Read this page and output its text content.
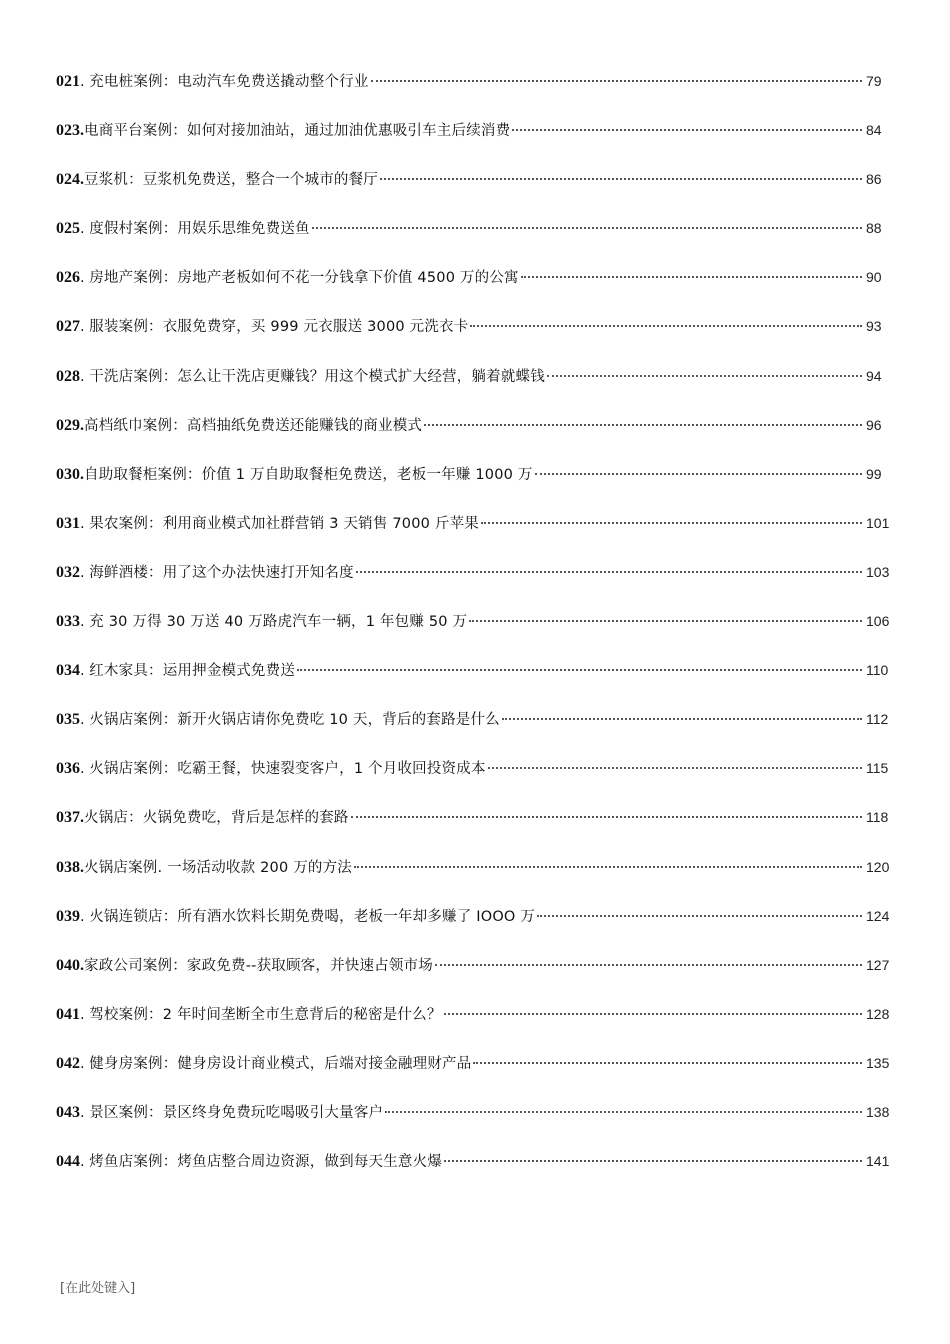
021. 充电桩案例：电动汽车免费送撬动整个行业	79
023.电商平台案例：如何对接加油站，通过加油优惠吸引车主后续消费	84
024.豆浆机：豆浆机免费送，整合一个城市的餐厅	86
025. 度假村案例：用娱乐思维免费送鱼	88
026. 房地产案例：房地产老板如何不花一分钱拿下价值 4500 万的公寓	90
027. 服装案例：衣服免费穿，买 999 元衣服送 3000 元洗衣卡	93
028. 干洗店案例：怎么让干洗店更赚钱？用这个模式扩大经营，躺着就蝶钱	94
029.高档纸巾案例：高档抽纸免费送还能赚钱的商业模式	96
030.自助取餐柜案例：价值 1 万自助取餐柜免费送，老板一年赚 1000 万	99
031. 果农案例：利用商业模式加社群营销 3 天销售 7000 斤苹果	101
032. 海鲜酒楼：用了这个办法快速打开知名度	103
033. 充 30 万得 30 万送 40 万路虎汽车一辆，1 年包赚 50 万	106
034. 红木家具：运用押金模式免费送	110
035. 火锅店案例：新开火锅店请你免费吃 10 天，背后的套路是什么	112
036. 火锅店案例：吃霸王餐，快速裂变客户，1 个月收回投资成本	115
037.火锅店：火锅免费吃，背后是怎样的套路	118
038.火锅店案例. 一场活动收款 200 万的方法	120
039. 火锅连锁店：所有酒水饮料长期免费喝，老板一年却多赚了 IOOO 万	124
040.家政公司案例：家政免费--获取顾客，并快速占领市场	127
041. 驾校案例：2 年时间垄断全市生意背后的秘密是什么？	128
042. 健身房案例：健身房设计商业模式，后端对接金融理财产品	135
043. 景区案例：景区终身免费玩吃喝吸引大量客户	138
044. 烤鱼店案例：烤鱼店整合周边资源，做到每天生意火爆	141
[在此处键入]
